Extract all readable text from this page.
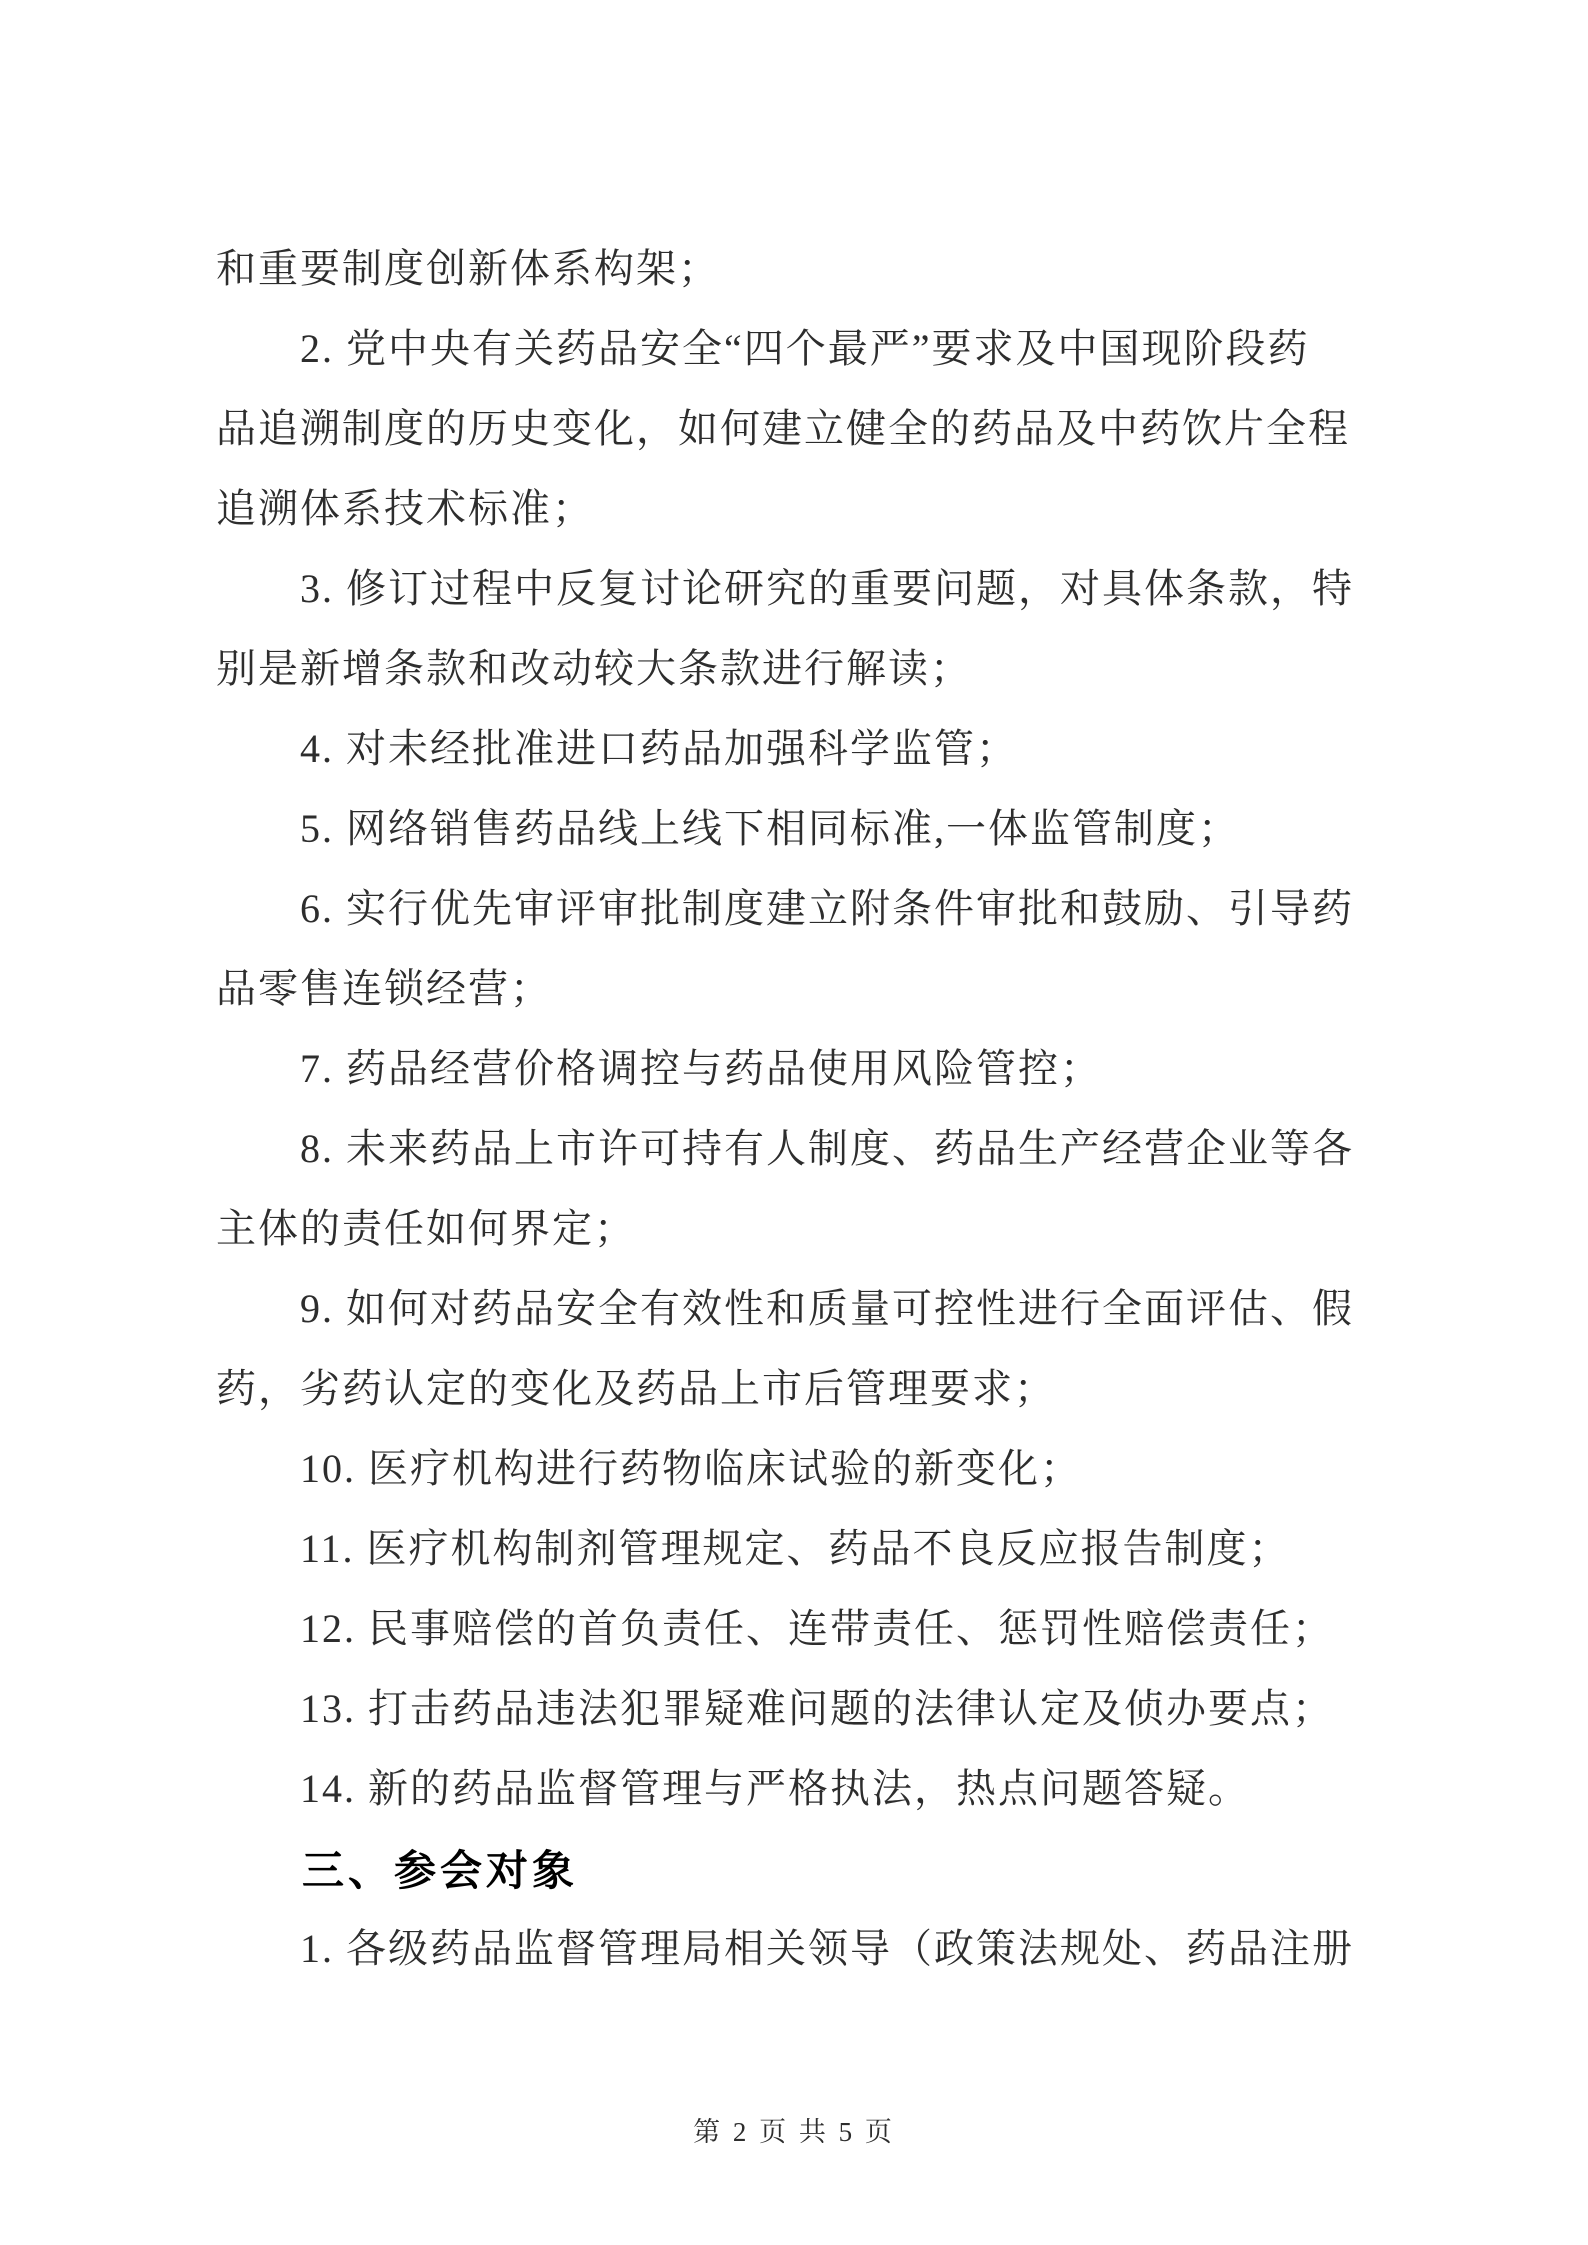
和重要制度创新体系构架；
2. 党中央有关药品安全“四个最严”要求及中国现阶段药
品追溯制度的历史变化，如何建立健全的药品及中药饮片全程
追溯体系技术标准；
3. 修订过程中反复讨论研究的重要问题，对具体条款，特
别是新增条款和改动较大条款进行解读；
4. 对未经批准进口药品加强科学监管；
5. 网络销售药品线上线下相同标准,一体监管制度；
6. 实行优先审评审批制度建立附条件审批和鼓励、引导药
品零售连锁经营；
7. 药品经营价格调控与药品使用风险管控；
8. 未来药品上市许可持有人制度、药品生产经营企业等各
主体的责任如何界定；
9. 如何对药品安全有效性和质量可控性进行全面评估、假
药，劣药认定的变化及药品上市后管理要求；
10. 医疗机构进行药物临床试验的新变化；
11. 医疗机构制剂管理规定、药品不良反应报告制度；
12. 民事赔偿的首负责任、连带责任、惩罚性赔偿责任；
13. 打击药品违法犯罪疑难问题的法律认定及侦办要点；
14. 新的药品监督管理与严格执法，热点问题答疑。
三、参会对象
1. 各级药品监督管理局相关领导（政策法规处、药品注册
第 2 页 共 5 页
